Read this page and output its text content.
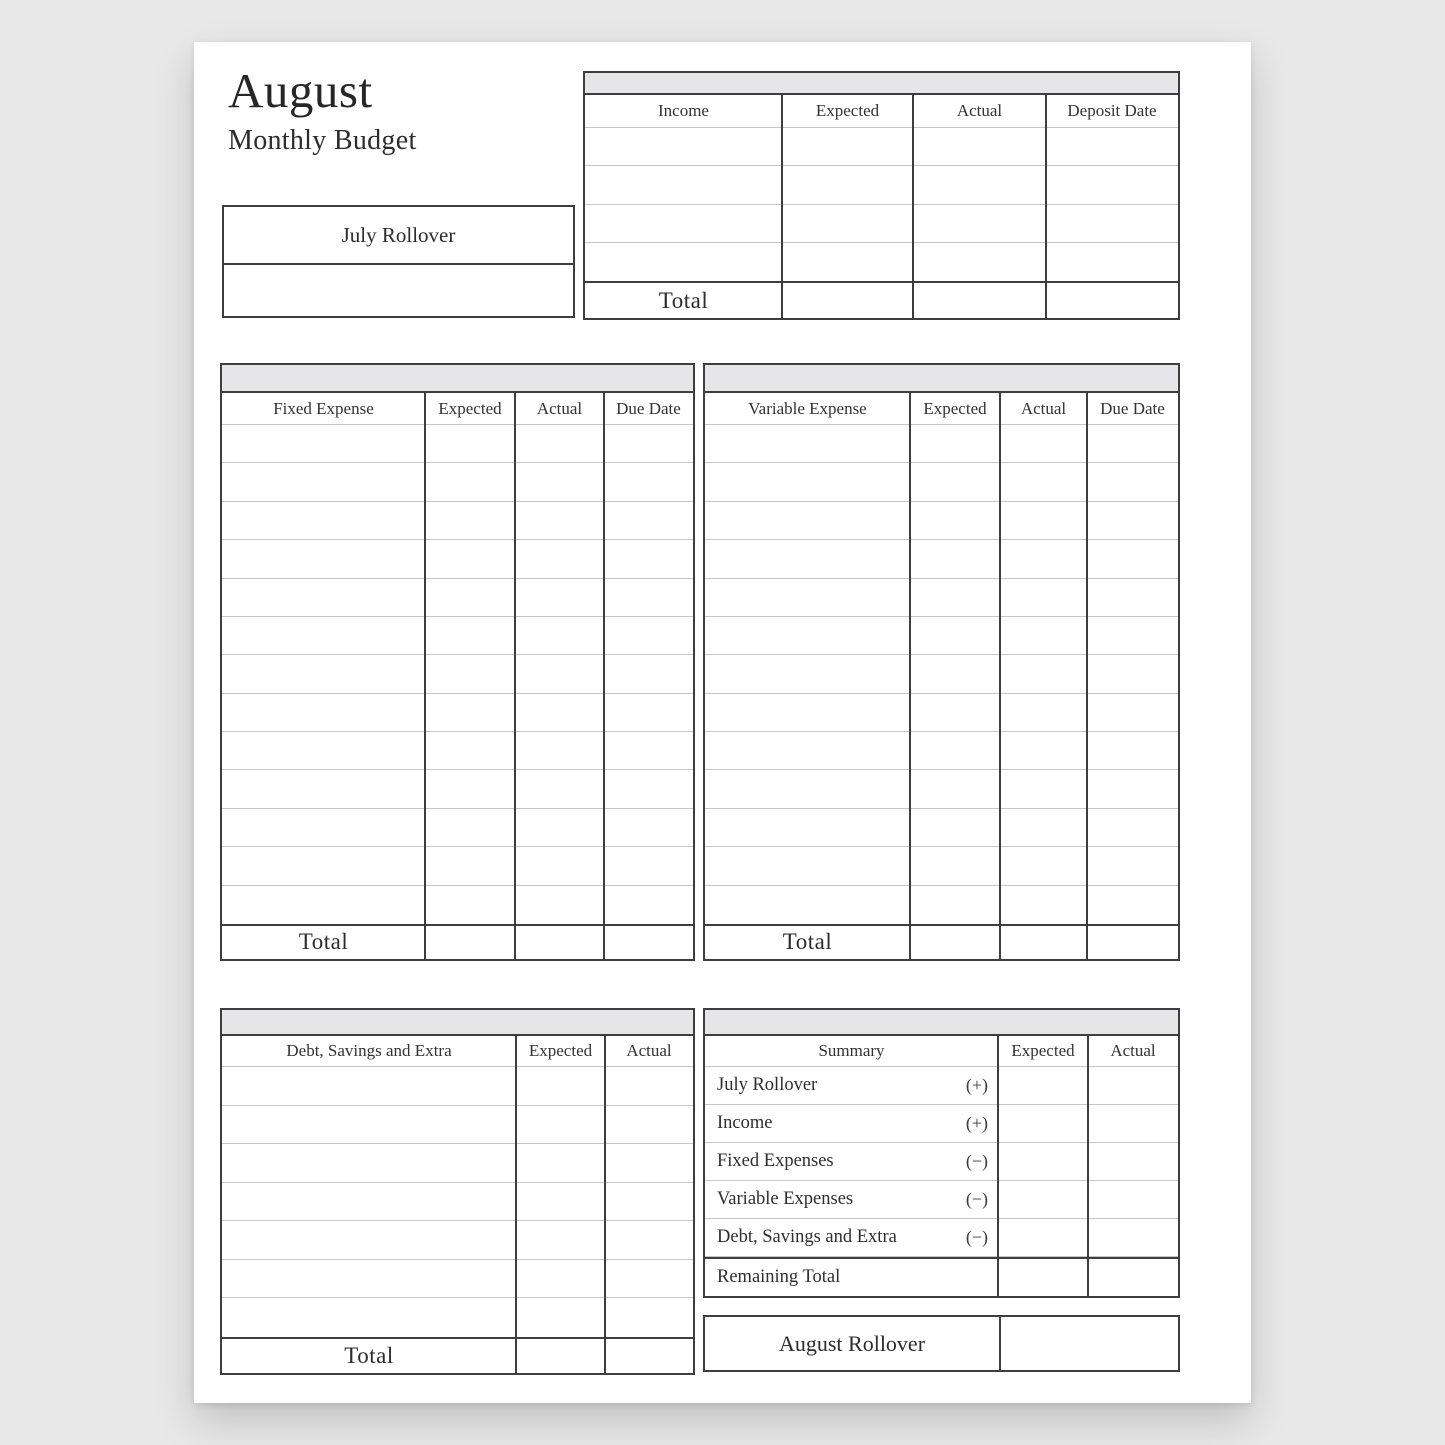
August
Monthly Budget
July Rollover
Income	Expected	Actual	Deposit Date
Total
Fixed Expense	Expected	Actual	Due Date
Total
Variable Expense	Expected	Actual	Due Date
Total
Debt, Savings and Extra	Expected	Actual
Total
Summary	Expected	Actual
July Rollover	(+)
Income	(+)
Fixed Expenses	(−)
Variable Expenses	(−)
Debt, Savings and Extra	(−)
Remaining Total
August Rollover
